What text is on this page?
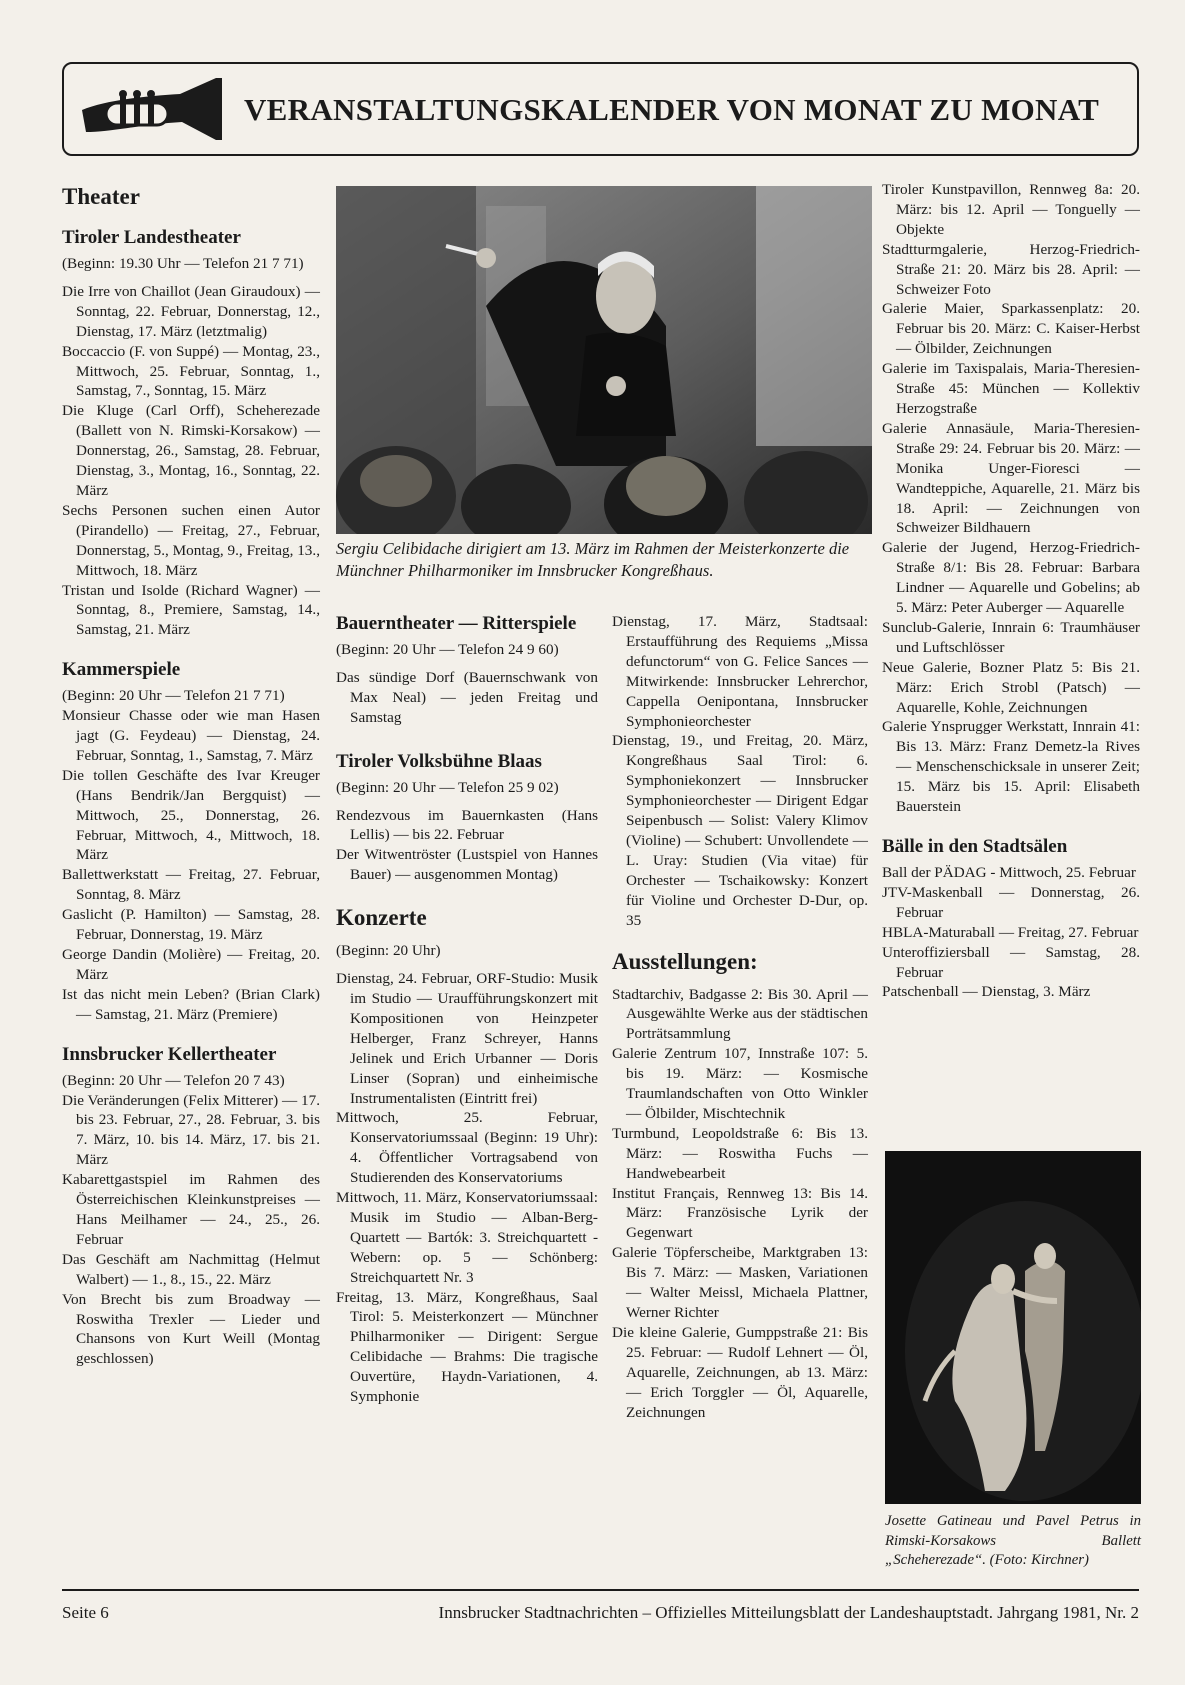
VERANSTALTUNGSKALENDER VON MONAT ZU MONAT
Theater
Tiroler Landestheater
(Beginn: 19.30 Uhr — Telefon 21 7 71)
Die Irre von Chaillot (Jean Giraudoux) — Sonntag, 22. Februar, Donnerstag, 12., Dienstag, 17. März (letztmalig)
Boccaccio (F. von Suppé) — Montag, 23., Mittwoch, 25. Februar, Sonntag, 1., Samstag, 7., Sonntag, 15. März
Die Kluge (Carl Orff), Scheherezade (Ballett von N. Rimski-Korsakow) — Donnerstag, 26., Samstag, 28. Februar, Dienstag, 3., Montag, 16., Sonntag, 22. März
Sechs Personen suchen einen Autor (Pirandello) — Freitag, 27., Februar, Donnerstag, 5., Montag, 9., Freitag, 13., Mittwoch, 18. März
Tristan und Isolde (Richard Wagner) — Sonntag, 8., Premiere, Samstag, 14., Samstag, 21. März
Kammerspiele
(Beginn: 20 Uhr — Telefon 21 7 71)
Monsieur Chasse oder wie man Hasen jagt (G. Feydeau) — Dienstag, 24. Februar, Sonntag, 1., Samstag, 7. März
Die tollen Geschäfte des Ivar Kreuger (Hans Bendrik/Jan Bergquist) — Mittwoch, 25., Donnerstag, 26. Februar, Mittwoch, 4., Mittwoch, 18. März
Ballettwerkstatt — Freitag, 27. Februar, Sonntag, 8. März
Gaslicht (P. Hamilton) — Samstag, 28. Februar, Donnerstag, 19. März
George Dandin (Molière) — Freitag, 20. März
Ist das nicht mein Leben? (Brian Clark) — Samstag, 21. März (Premiere)
Innsbrucker Kellertheater
(Beginn: 20 Uhr — Telefon 20 7 43)
Die Veränderungen (Felix Mitterer) — 17. bis 23. Februar, 27., 28. Februar, 3. bis 7. März, 10. bis 14. März, 17. bis 21. März
Kabarettgastspiel im Rahmen des Österreichischen Kleinkunstpreises — Hans Meilhamer — 24., 25., 26. Februar
Das Geschäft am Nachmittag (Helmut Walbert) — 1., 8., 15., 22. März
Von Brecht bis zum Broadway — Roswitha Trexler — Lieder und Chansons von Kurt Weill (Montag geschlossen)
Sergiu Celibidache dirigiert am 13. März im Rahmen der Meisterkonzerte die Münchner Philharmoniker im Innsbrucker Kongreßhaus.
Bauerntheater — Ritterspiele
(Beginn: 20 Uhr — Telefon 24 9 60)
Das sündige Dorf (Bauernschwank von Max Neal) — jeden Freitag und Samstag
Tiroler Volksbühne Blaas
(Beginn: 20 Uhr — Telefon 25 9 02)
Rendezvous im Bauernkasten (Hans Lellis) — bis 22. Februar
Der Witwentröster (Lustspiel von Hannes Bauer) — ausgenommen Montag)
Konzerte
(Beginn: 20 Uhr)
Dienstag, 24. Februar, ORF-Studio: Musik im Studio — Uraufführungskonzert mit Kompositionen von Heinzpeter Helberger, Franz Schreyer, Hanns Jelinek und Erich Urbanner — Doris Linser (Sopran) und einheimische Instrumentalisten (Eintritt frei)
Mittwoch, 25. Februar, Konservatoriumssaal (Beginn: 19 Uhr): 4. Öffentlicher Vortragsabend von Studierenden des Konservatoriums
Mittwoch, 11. März, Konservatoriumssaal: Musik im Studio — Alban-Berg-Quartett — Bartók: 3. Streichquartett - Webern: op. 5 — Schönberg: Streichquartett Nr. 3
Freitag, 13. März, Kongreßhaus, Saal Tirol: 5. Meisterkonzert — Münchner Philharmoniker — Dirigent: Sergue Celibidache — Brahms: Die tragische Ouvertüre, Haydn-Variationen, 4. Symphonie
Dienstag, 17. März, Stadtsaal: Erstaufführung des Requiems „Missa defunctorum“ von G. Felice Sances — Mitwirkende: Innsbrucker Lehrerchor, Cappella Oenipontana, Innsbrucker Symphonieorchester
Dienstag, 19., und Freitag, 20. März, Kongreßhaus Saal Tirol: 6. Symphoniekonzert — Innsbrucker Symphonieorchester — Dirigent Edgar Seipenbusch — Solist: Valery Klimov (Violine) — Schubert: Unvollendete — L. Uray: Studien (Via vitae) für Orchester — Tschaikowsky: Konzert für Violine und Orchester D-Dur, op. 35
Ausstellungen:
Stadtarchiv, Badgasse 2: Bis 30. April — Ausgewählte Werke aus der städtischen Porträtsammlung
Galerie Zentrum 107, Innstraße 107: 5. bis 19. März: — Kosmische Traumlandschaften von Otto Winkler — Ölbilder, Mischtechnik
Turmbund, Leopoldstraße 6: Bis 13. März: — Roswitha Fuchs — Handwebearbeit
Institut Français, Rennweg 13: Bis 14. März: Französische Lyrik der Gegenwart
Galerie Töpferscheibe, Marktgraben 13: Bis 7. März: — Masken, Variationen — Walter Meissl, Michaela Plattner, Werner Richter
Die kleine Galerie, Gumppstraße 21: Bis 25. Februar: — Rudolf Lehnert — Öl, Aquarelle, Zeichnungen, ab 13. März: — Erich Torggler — Öl, Aquarelle, Zeichnungen
Tiroler Kunstpavillon, Rennweg 8a: 20. März: bis 12. April — Tonguelly — Objekte
Stadtturmgalerie, Herzog-Friedrich-Straße 21: 20. März bis 28. April: — Schweizer Foto
Galerie Maier, Sparkassenplatz: 20. Februar bis 20. März: C. Kaiser-Herbst — Ölbilder, Zeichnungen
Galerie im Taxispalais, Maria-Theresien-Straße 45: München — Kollektiv Herzogstraße
Galerie Annasäule, Maria-Theresien-Straße 29: 24. Februar bis 20. März: — Monika Unger-Fioresci — Wandteppiche, Aquarelle, 21. März bis 18. April: — Zeichnungen von Schweizer Bildhauern
Galerie der Jugend, Herzog-Friedrich-Straße 8/1: Bis 28. Februar: Barbara Lindner — Aquarelle und Gobelins; ab 5. März: Peter Auberger — Aquarelle
Sunclub-Galerie, Innrain 6: Traumhäuser und Luftschlösser
Neue Galerie, Bozner Platz 5: Bis 21. März: Erich Strobl (Patsch) — Aquarelle, Kohle, Zeichnungen
Galerie Ynsprugger Werkstatt, Innrain 41: Bis 13. März: Franz Demetz-la Rives — Menschenschicksale in unserer Zeit; 15. März bis 15. April: Elisabeth Bauerstein
Bälle in den Stadtsälen
Ball der PÄDAG - Mittwoch, 25. Februar
JTV-Maskenball — Donnerstag, 26. Februar
HBLA-Maturaball — Freitag, 27. Februar
Unteroffiziersball — Samstag, 28. Februar
Patschenball — Dienstag, 3. März
Josette Gatineau und Pavel Petrus in Rimski-Korsakows Ballett „Scheherezade“. (Foto: Kirchner)
Seite 6	Innsbrucker Stadtnachrichten – Offizielles Mitteilungsblatt der Landeshauptstadt. Jahrgang 1981, Nr. 2
